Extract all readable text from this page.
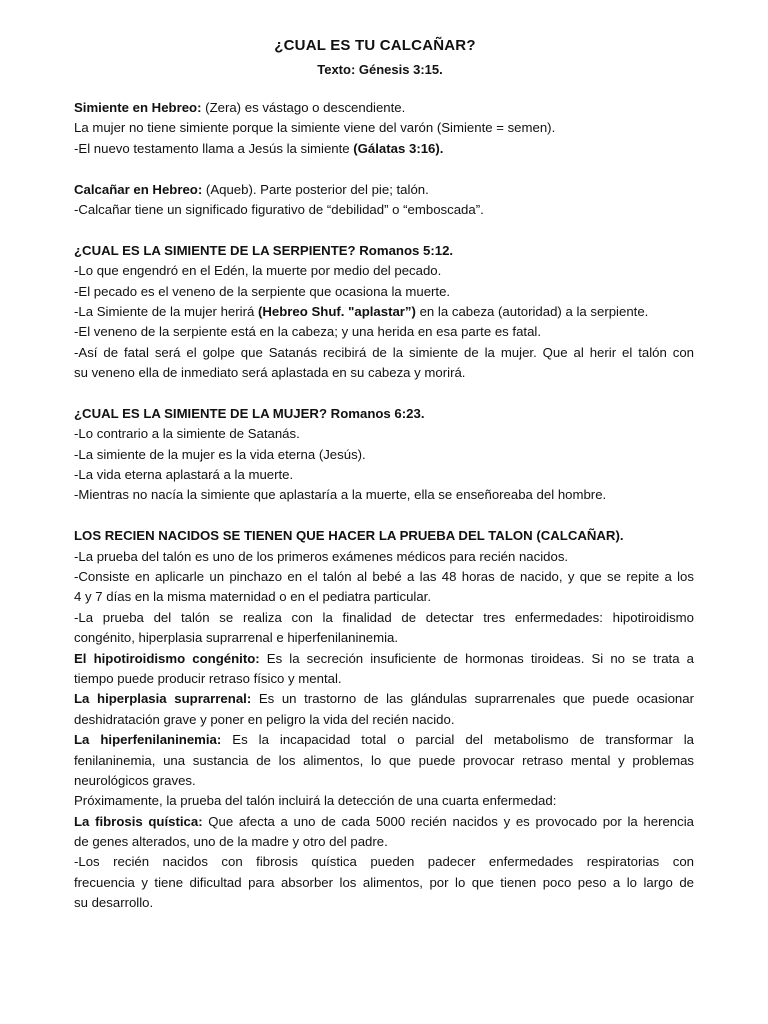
¿CUAL ES TU CALCAÑAR?
Texto: Génesis 3:15.
Simiente en Hebreo: (Zera) es vástago o descendiente.
La mujer no tiene simiente porque la simiente viene del varón (Simiente = semen).
-El nuevo testamento llama a Jesús la simiente (Gálatas 3:16).
Calcañar en Hebreo: (Aqueb). Parte posterior del pie; talón.
-Calcañar tiene un significado figurativo de “debilidad” o “emboscada”.
¿CUAL ES LA SIMIENTE DE LA SERPIENTE? Romanos 5:12.
-Lo que engendró en el Edén, la muerte por medio del pecado.
-El pecado es el veneno de la serpiente que ocasiona la muerte.
-La Simiente de la mujer herirá (Hebreo Shuf. "aplastar”) en la cabeza (autoridad) a la serpiente.
-El veneno de la serpiente está en la cabeza; y una herida en esa parte es fatal.
-Así de fatal será el golpe que Satanás recibirá de la simiente de la mujer. Que al herir el talón con
su veneno ella de inmediato será aplastada en su cabeza y morirá.
¿CUAL ES LA SIMIENTE DE LA MUJER? Romanos 6:23.
-Lo contrario a la simiente de Satanás.
-La simiente de la mujer es la vida eterna (Jesús).
-La vida eterna aplastará a la muerte.
-Mientras no nacía la simiente que aplastaría a la muerte, ella se enseñoreaba del hombre.
LOS RECIEN NACIDOS SE TIENEN QUE HACER LA PRUEBA DEL TALON (CALCAÑAR).
-La prueba del talón es uno de los primeros exámenes médicos para recién nacidos.
-Consiste en aplicarle un pinchazo en el talón al bebé a las 48 horas de nacido, y que se repite a los
4 y 7 días en la misma maternidad o en el pediatra particular.
-La prueba del talón se realiza con la finalidad de detectar tres enfermedades: hipotiroidismo
congénito, hiperplasia suprarrenal e hiperfenilaninemia.
El hipotiroidismo congénito: Es la secreción insuficiente de hormonas tiroideas. Si no se trata a
tiempo puede producir retraso físico y mental.
La hiperplasia suprarrenal: Es un trastorno de las glándulas suprarrenales que puede ocasionar
deshidratación grave y poner en peligro la vida del recién nacido.
La hiperfenilaninemia: Es la incapacidad total o parcial del metabolismo de transformar la
fenilaninemia, una sustancia de los alimentos, lo que puede provocar retraso mental y problemas
neurológicos graves.
Próximamente, la prueba del talón incluirá la detección de una cuarta enfermedad:
La fibrosis quística: Que afecta a uno de cada 5000 recién nacidos y es provocado por la herencia
de genes alterados, uno de la madre y otro del padre.
-Los recién nacidos con fibrosis quística pueden padecer enfermedades respiratorias con
frecuencia y tiene dificultad para absorber los alimentos, por lo que tienen poco peso a lo largo de
su desarrollo.
